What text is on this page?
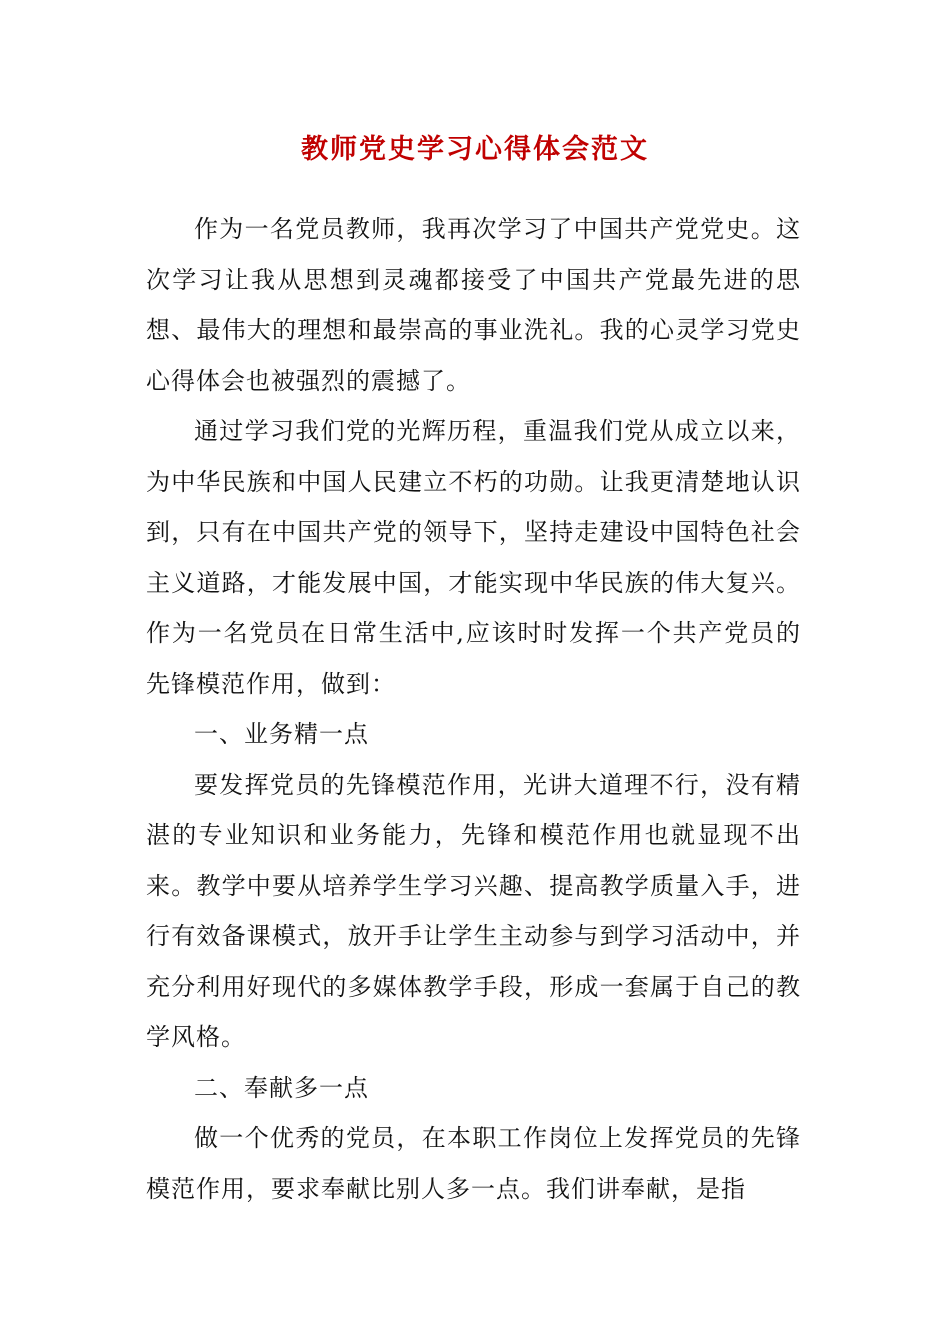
教师党史学习心得体会范文

作为一名党员教师，我再次学习了中国共产党党史。这次学习让我从思想到灵魂都接受了中国共产党最先进的思想、最伟大的理想和最崇高的事业洗礼。我的心灵学习党史心得体会也被强烈的震撼了。

通过学习我们党的光辉历程，重温我们党从成立以来，为中华民族和中国人民建立不朽的功勋。让我更清楚地认识到，只有在中国共产党的领导下，坚持走建设中国特色社会主义道路，才能发展中国，才能实现中华民族的伟大复兴。作为一名党员在日常生活中,应该时时发挥一个共产党员的先锋模范作用，做到：

一、业务精一点

要发挥党员的先锋模范作用，光讲大道理不行，没有精湛的专业知识和业务能力，先锋和模范作用也就显现不出来。教学中要从培养学生学习兴趣、提高教学质量入手，进行有效备课模式，放开手让学生主动参与到学习活动中，并充分利用好现代的多媒体教学手段，形成一套属于自己的教学风格。

二、奉献多一点

做一个优秀的党员，在本职工作岗位上发挥党员的先锋模范作用，要求奉献比别人多一点。我们讲奉献，是指
